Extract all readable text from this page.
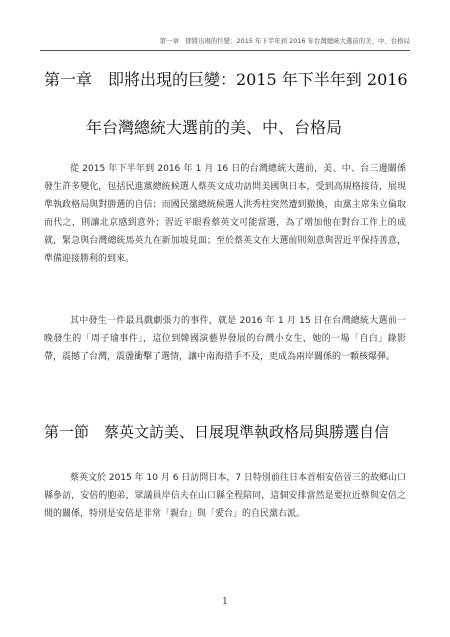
第一章　即將出現的巨變：2015 年下半年到 2016 年台灣總統大選前的美、中、台格局
第一章　即將出現的巨變：2015 年下半年到 2016
年台灣總統大選前的美、中、台格局
從 2015 年下半年到 2016 年 1 月 16 日的台灣總統大選前，美、中、台三邊關係發生許多變化，包括民進黨總統候選人蔡英文成功訪問美國與日本，受到高規格接待，展現準執政格局與對勝選的自信；而國民黨總統候選人洪秀柱突然遭到撤換，由黨主席朱立倫取而代之，則讓北京感到意外；習近平眼看蔡英文可能當選，為了增加他在對台工作上的成就，緊急與台灣總統馬英九在新加坡見面；至於蔡英文在大選前則刻意與習近平保持善意，準備迎接勝利的到來。
其中發生一件最具戲劇張力的事件，就是 2016 年 1 月 15 日在台灣總統大選前一晚發生的「周子瑜事件」，這位到韓國演藝界發展的台灣小女生，她的一場「自白」錄影帶，震撼了台灣，震盪衝擊了選情，讓中南海措手不及，更成為兩岸關係的一顆核爆彈。
第一節　蔡英文訪美、日展現準執政格局與勝選自信
蔡英文於 2015 年 10 月 6 日訪問日本，7 日特別前往日本首相安倍晉三的故鄉山口縣參訪，安倍的胞弟，眾議員岸信夫在山口縣全程陪同，這個安排當然是要拉近蔡與安倍之間的關係，特別是安倍是非常「親台」與「愛台」的自民黨右派。
1
